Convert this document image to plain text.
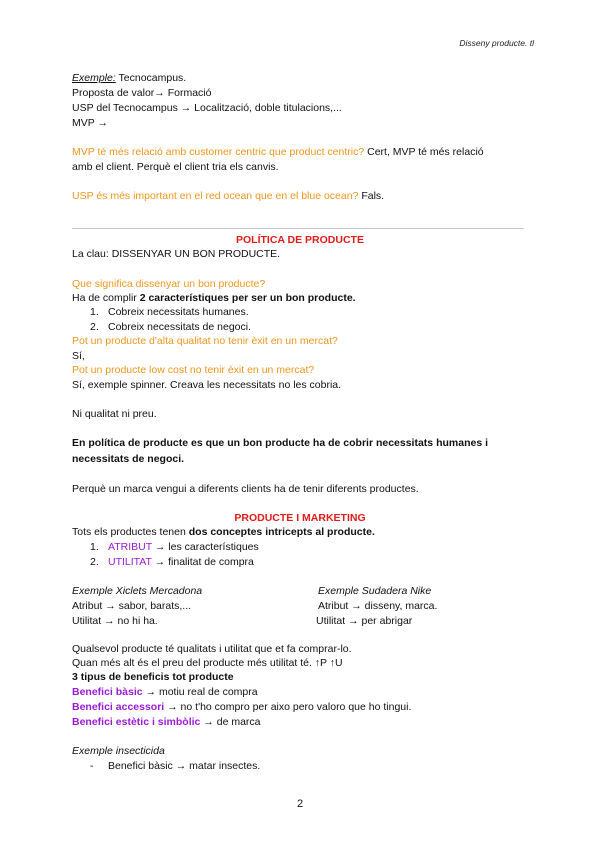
Disseny producte. tl
Exemple: Tecnocampus.
Proposta de valor→ Formació
USP del Tecnocampus → Localització, doble titulacions,...
MVP →
MVP té més relació amb customer centric que product centric? Cert, MVP té més relació
amb el client. Perquè el client tria els canvis.
USP és més important en el red ocean que en el blue ocean? Fals.
POLÍTICA DE PRODUCTE
La clau: DISSENYAR UN BON PRODUCTE.
Que significa dissenyar un bon producte?
Ha de complir 2 característiques per ser un bon producte.
1. Cobreix necessitats humanes.
2. Cobreix necessitats de negoci.
Pot un producte d'alta qualitat no tenir èxit en un mercat?
Sí,
Pot un producte low cost no tenir èxit en un mercat?
Sí, exemple spinner. Creava les necessitats no les cobria.
Ni qualitat ni preu.
En política de producte es que un bon producte ha de cobrir necessitats humanes i
necessitats de negoci.
Perquè un marca vengui a diferents clients ha de tenir diferents productes.
PRODUCTE I MARKETING
Tots els productes tenen dos conceptes intricepts al producte.
1. ATRIBUT → les característiques
2. UTILITAT → finalitat de compra
Exemple Xiclets Mercadona
Atribut → sabor, barats,...
Utilitat → no hi ha.
Exemple Sudadera Nike
Atribut → disseny, marca.
Utilitat → per abrigar
Qualsevol producte té qualitats i utilitat que et fa comprar-lo.
Quan més alt és el preu del producte més utilitat té. ↑P ↑U
3 tipus de beneficis tot producte
Benefici bàsic → motiu real de compra
Benefici accessori → no t'ho compro per aixo pero valoro que ho tingui.
Benefici estètic i simbòlic → de marca
Exemple insecticida
- Benefici bàsic → matar insectes.
2
